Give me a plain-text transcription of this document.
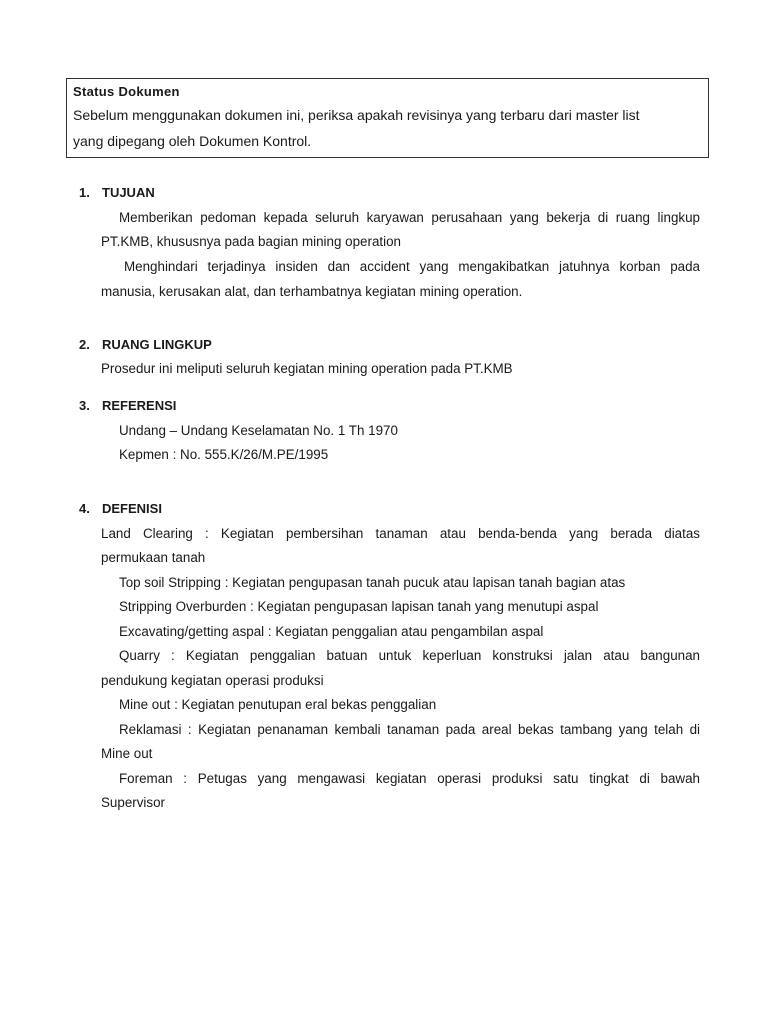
Status Dokumen
Sebelum menggunakan dokumen ini, periksa apakah revisinya yang terbaru dari master list
yang dipegang oleh Dokumen Kontrol.
1. TUJUAN
Memberikan pedoman kepada seluruh karyawan perusahaan yang bekerja di ruang lingkup
PT.KMB, khususnya pada bagian mining operation
Menghindari terjadinya insiden dan accident yang mengakibatkan jatuhnya korban pada
manusia, kerusakan alat, dan terhambatnya kegiatan mining operation.
2. RUANG LINGKUP
Prosedur ini meliputi seluruh kegiatan mining operation pada PT.KMB
3. REFERENSI
Undang – Undang Keselamatan No. 1 Th 1970
Kepmen : No. 555.K/26/M.PE/1995
4. DEFENISI
Land Clearing : Kegiatan pembersihan tanaman atau benda-benda yang berada diatas
permukaan tanah
Top soil Stripping : Kegiatan pengupasan tanah pucuk atau lapisan tanah bagian atas
Stripping Overburden : Kegiatan pengupasan lapisan tanah yang menutupi aspal
Excavating/getting aspal : Kegiatan penggalian atau pengambilan aspal
Quarry : Kegiatan penggalian batuan untuk keperluan konstruksi jalan atau bangunan
pendukung kegiatan operasi produksi
Mine out : Kegiatan penutupan eral bekas penggalian
Reklamasi : Kegiatan penanaman kembali tanaman pada areal bekas tambang yang telah di
Mine out
Foreman : Petugas yang mengawasi kegiatan operasi produksi satu tingkat di bawah
Supervisor
